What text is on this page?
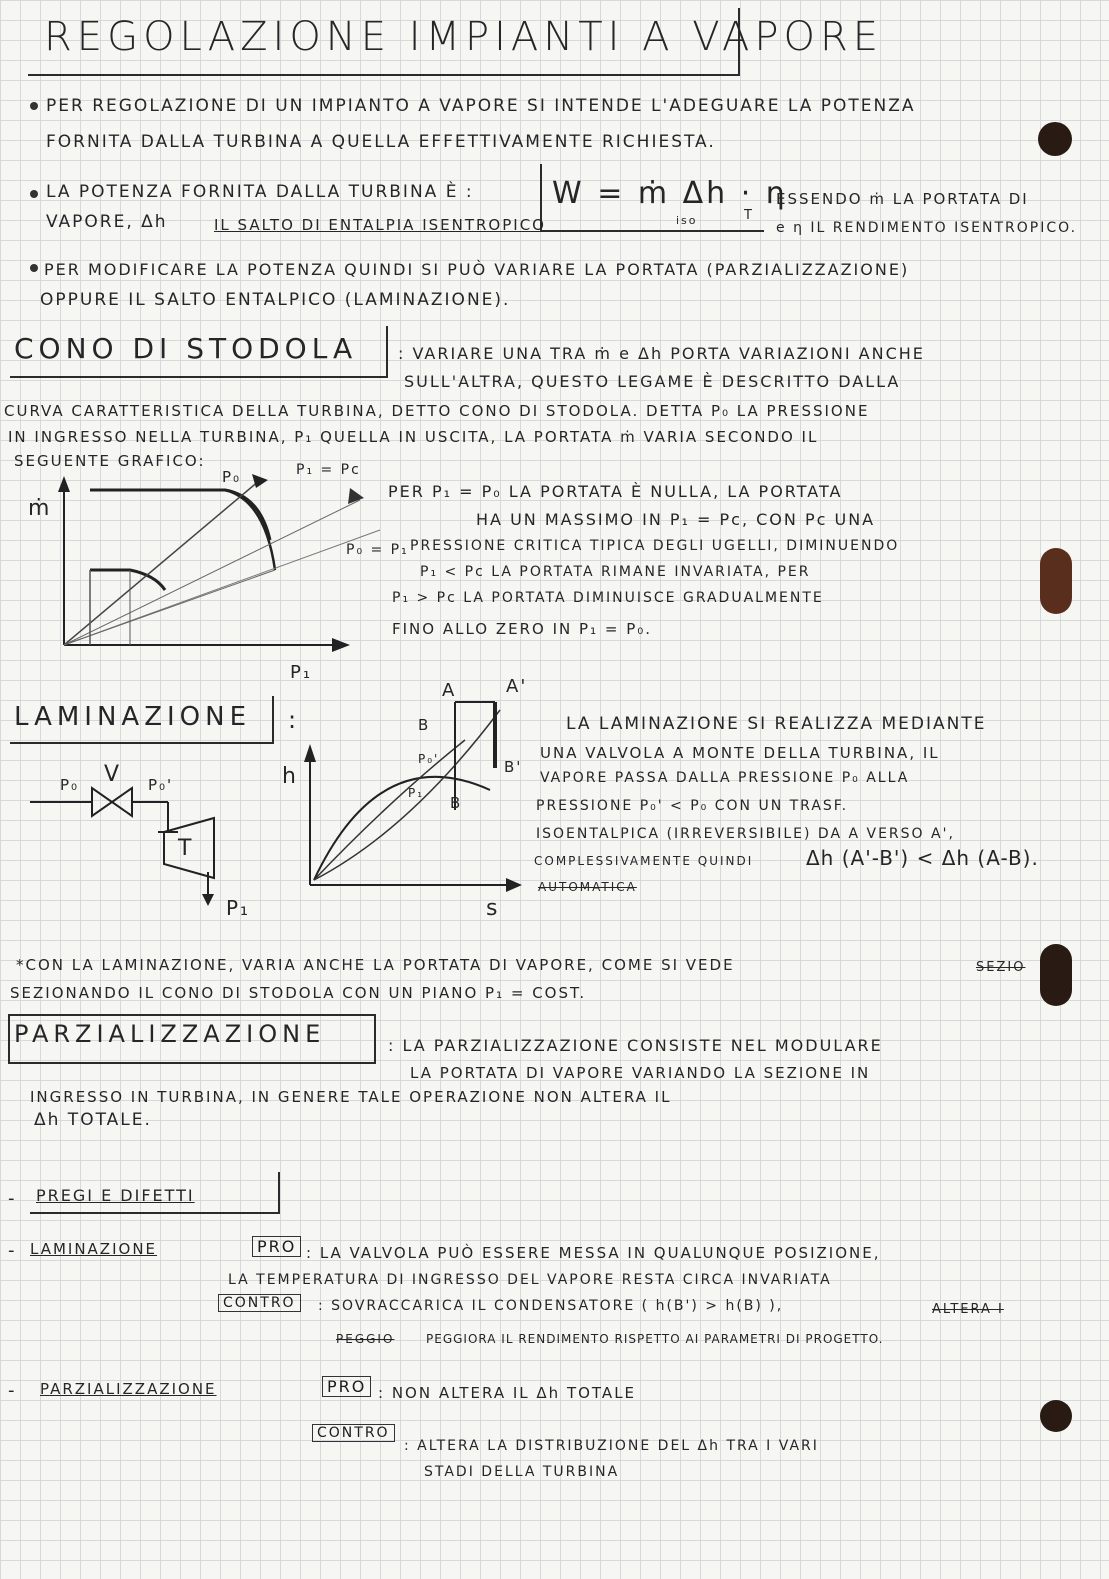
REGOLAZIONE IMPIANTI A VAPORE
PER REGOLAZIONE DI UN IMPIANTO A VAPORE SI INTENDE L'ADEGUARE LA POTENZA
FORNITA DALLA TURBINA A QUELLA EFFETTIVAMENTE RICHIESTA.
LA POTENZA FORNITA DALLA TURBINA È :	W = ṁ Δh · η
iso	T
VAPORE, Δh	IL SALTO DI ENTALPIA ISENTROPICO
ESSENDO ṁ LA PORTATA DI
e η IL RENDIMENTO ISENTROPICO.
PER MODIFICARE LA POTENZA QUINDI SI PUÒ VARIARE LA PORTATA (PARZIALIZZAZIONE)
OPPURE IL SALTO ENTALPICO (LAMINAZIONE).
CONO DI STODOLA	: VARIARE UNA TRA ṁ e Δh PORTA VARIAZIONI ANCHE
SULL'ALTRA, QUESTO LEGAME È DESCRITTO DALLA
CURVA CARATTERISTICA DELLA TURBINA, DETTO CONO DI STODOLA. DETTA P₀ LA PRESSIONE
IN INGRESSO NELLA TURBINA, P₁ QUELLA IN USCITA, LA PORTATA ṁ VARIA SECONDO IL
SEGUENTE GRAFICO:
ṁ
P₁
P₁ = Pc
P₀
P₀ = P₁
PER P₁ = P₀ LA PORTATA È NULLA, LA PORTATA
HA UN MASSIMO IN P₁ = Pc, CON Pc UNA
PRESSIONE CRITICA TIPICA DEGLI UGELLI, DIMINUENDO
P₁ < Pc LA PORTATA RIMANE INVARIATA, PER
P₁ > Pc LA PORTATA DIMINUISCE GRADUALMENTE
FINO ALLO ZERO IN P₁ = P₀.
LAMINAZIONE :
V
P₀	P₀'
T
P₁
h
s
A	A'
B
B'
B
P₀'
P₁
LA LAMINAZIONE SI REALIZZA MEDIANTE
UNA VALVOLA A MONTE DELLA TURBINA, IL
VAPORE PASSA DALLA PRESSIONE P₀ ALLA
PRESSIONE P₀' < P₀ CON UN TRASF.
ISOENTALPICA (IRREVERSIBILE) DA A VERSO A',
COMPLESSIVAMENTE QUINDI	Δh (A'-B') < Δh (A-B).
AUTOMATICA
*CON LA LAMINAZIONE, VARIA ANCHE LA PORTATA DI VAPORE, COME SI VEDE	SEZIO
SEZIONANDO IL CONO DI STODOLA CON UN PIANO P₁ = COST.
PARZIALIZZAZIONE	: LA PARZIALIZZAZIONE CONSISTE NEL MODULARE
LA PORTATA DI VAPORE VARIANDO LA SEZIONE IN
INGRESSO IN TURBINA, IN GENERE TALE OPERAZIONE NON ALTERA IL
Δh TOTALE.
- PREGI E DIFETTI
- LAMINAZIONE	PRO : LA VALVOLA PUÒ ESSERE MESSA IN QUALUNQUE POSIZIONE,
LA TEMPERATURA DI INGRESSO DEL VAPORE RESTA CIRCA INVARIATA
CONTRO	: SOVRACCARICA IL CONDENSATORE ( h(B') > h(B) ),	ALTERA I
PEGGIO	PEGGIORA IL RENDIMENTO RISPETTO AI PARAMETRI DI PROGETTO.
- PARZIALIZZAZIONE	PRO : NON ALTERA IL Δh TOTALE
CONTRO
: ALTERA LA DISTRIBUZIONE DEL Δh TRA I VARI
STADI DELLA TURBINA
